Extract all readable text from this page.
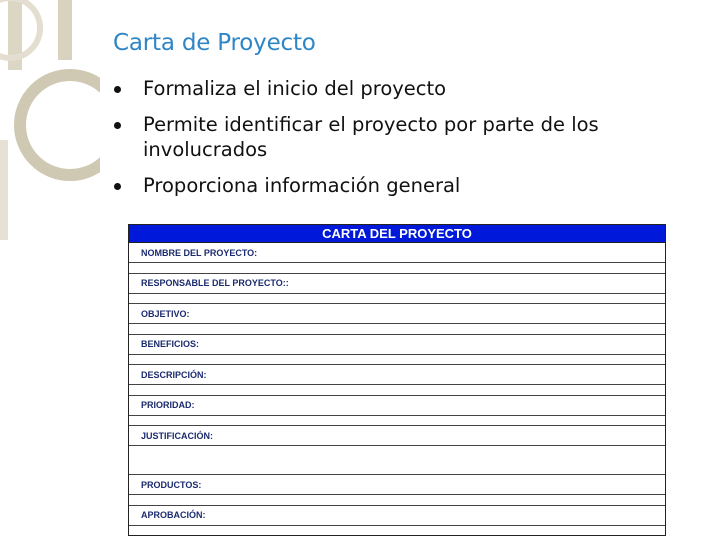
Carta de Proyecto
Formaliza el inicio del proyecto
Permite identificar el proyecto por parte de los involucrados
Proporciona información general
CARTA DEL PROYECTO
NOMBRE DEL PROYECTO:
RESPONSABLE DEL PROYECTO::
OBJETIVO:
BENEFICIOS:
DESCRIPCIÓN:
PRIORIDAD:
JUSTIFICACIÓN:
PRODUCTOS:
APROBACIÓN:
